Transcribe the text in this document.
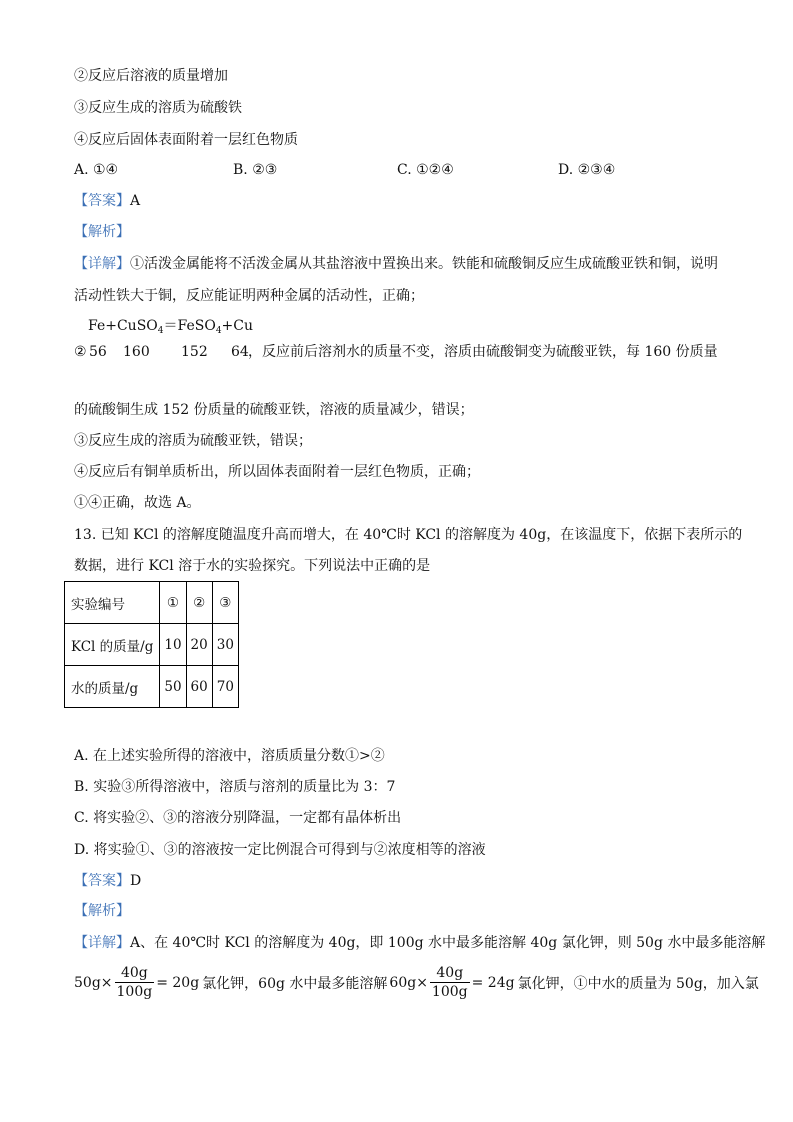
②反应后溶液的质量增加
③反应生成的溶质为硫酸铁
④反应后固体表面附着一层红色物质
A. ①④	B. ②③	C. ①②④	D. ②③④
【答案】A
【解析】
【详解】①活泼金属能将不活泼金属从其盐溶液中置换出来。铁能和硫酸铜反应生成硫酸亚铁和铜，说明
活动性铁大于铜，反应能证明两种金属的活动性，正确；
Fe+CuSO$_4$＝FeSO$_4$+Cu
② 56 160 152 64 ，反应前后溶剂水的质量不变，溶质由硫酸铜变为硫酸亚铁，每 160 份质量
的硫酸铜生成 152 份质量的硫酸亚铁，溶液的质量减少，错误；
③反应生成的溶质为硫酸亚铁，错误；
④反应后有铜单质析出，所以固体表面附着一层红色物质，正确；
①④正确，故选 A。
13. 已知 KCl 的溶解度随温度升高而增大，在 40℃时 KCl 的溶解度为 40g，在该温度下，依据下表所示的
数据，进行 KCl 溶于水的实验探究。下列说法中正确的是
实验编号	①	②	③
KCl 的质量/g	10	20	30
水的质量/g	50	60	70
A. 在上述实验所得的溶液中，溶质质量分数①>②
B. 实验③所得溶液中，溶质与溶剂的质量比为 3：7
C. 将实验②、③的溶液分别降温，一定都有晶体析出
D. 将实验①、③的溶液按一定比例混合可得到与②浓度相等的溶液
【答案】D
【解析】
【详解】A、在 40℃时 KCl 的溶解度为 40g，即 100g 水中最多能溶解 40g 氯化钾，则 50g 水中最多能溶解
$50g \times \frac{40g}{100g} = 20g$ 氯化钾，60g 水中最多能溶解 $60g \times \frac{40g}{100g} = 24g$ 氯化钾，①中水的质量为 50g，加入氯
